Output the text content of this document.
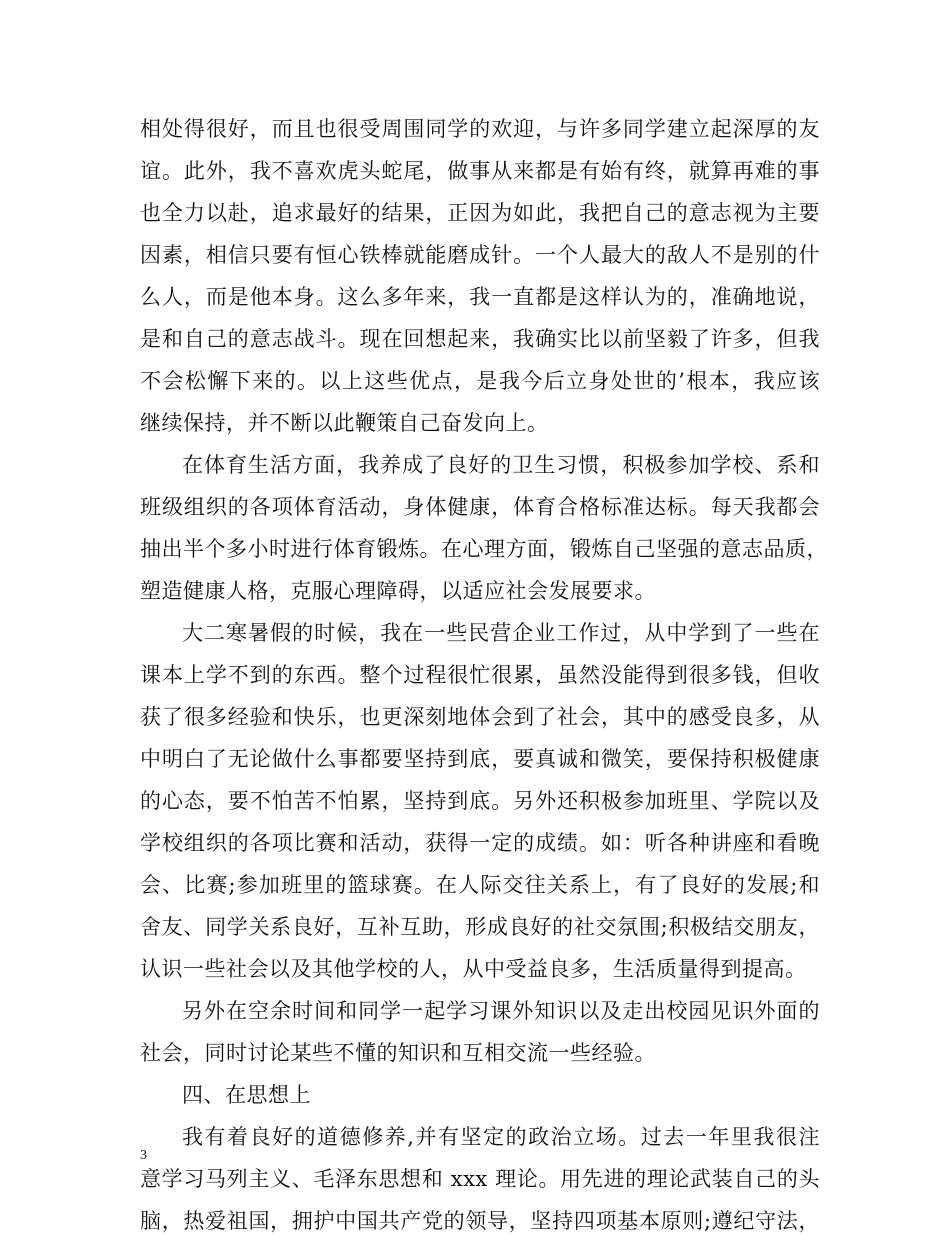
相处得很好，而且也很受周围同学的欢迎，与许多同学建立起深厚的友
谊。此外，我不喜欢虎头蛇尾，做事从来都是有始有终，就算再难的事
也全力以赴，追求最好的结果，正因为如此，我把自己的意志视为主要
因素，相信只要有恒心铁棒就能磨成针。一个人最大的敌人不是别的什
么人，而是他本身。这么多年来，我一直都是这样认为的，准确地说，
是和自己的意志战斗。现在回想起来，我确实比以前坚毅了许多，但我
不会松懈下来的。以上这些优点，是我今后立身处世的’根本，我应该
继续保持，并不断以此鞭策自己奋发向上。
在体育生活方面，我养成了良好的卫生习惯，积极参加学校、系和
班级组织的各项体育活动，身体健康，体育合格标准达标。每天我都会
抽出半个多小时进行体育锻炼。在心理方面，锻炼自己坚强的意志品质，
塑造健康人格，克服心理障碍，以适应社会发展要求。
大二寒暑假的时候，我在一些民营企业工作过，从中学到了一些在
课本上学不到的东西。整个过程很忙很累，虽然没能得到很多钱，但收
获了很多经验和快乐，也更深刻地体会到了社会，其中的感受良多，从
中明白了无论做什么事都要坚持到底，要真诚和微笑，要保持积极健康
的心态，要不怕苦不怕累，坚持到底。另外还积极参加班里、学院以及
学校组织的各项比赛和活动，获得一定的成绩。如：听各种讲座和看晚
会、比赛;参加班里的篮球赛。在人际交往关系上，有了良好的发展;和
舍友、同学关系良好，互补互助，形成良好的社交氛围;积极结交朋友，
认识一些社会以及其他学校的人，从中受益良多，生活质量得到提高。
另外在空余时间和同学一起学习课外知识以及走出校园见识外面的
社会，同时讨论某些不懂的知识和互相交流一些经验。
四、在思想上
我有着良好的道德修养,并有坚定的政治立场。过去一年里我很注
意学习马列主义、毛泽东思想和 xxx 理论。用先进的理论武装自己的头
脑，热爱祖国，拥护中国共产党的领导，坚持四项基本原则;遵纪守法，
3
